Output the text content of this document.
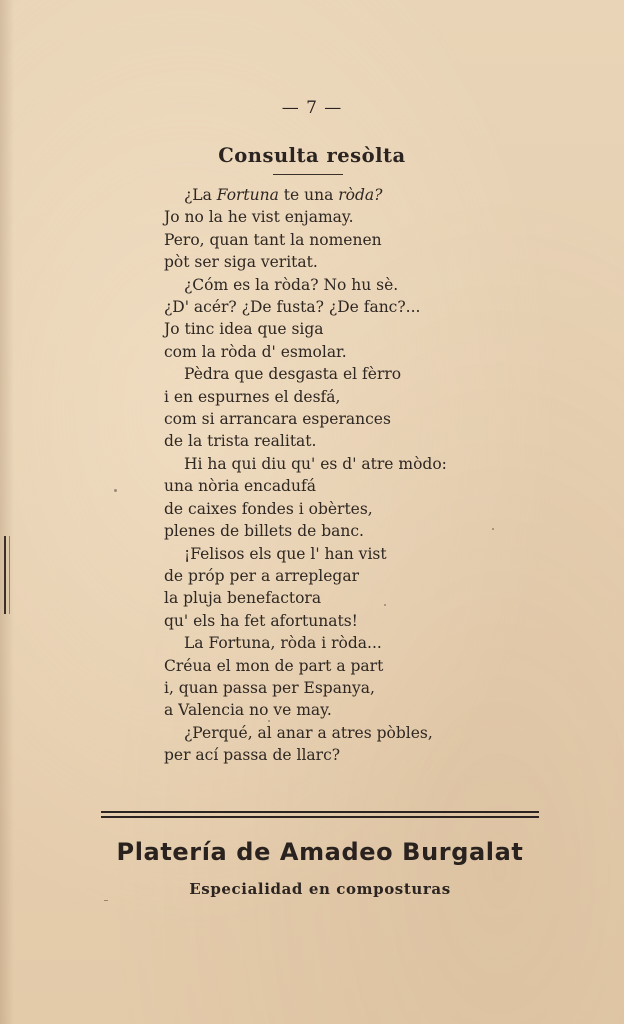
— 7 —
Consulta resòlta
¿La Fortuna te una ròda?
Jo no la he vist enjamay.
Pero, quan tant la nomenen
pòt ser siga veritat.
¿Cóm es la ròda? No hu sè.
¿D' acér? ¿De fusta? ¿De fanc?...
Jo tinc idea que siga
com la ròda d' esmolar.
Pèdra que desgasta el fèrro
i en espurnes el desfá,
com si arrancara esperances
de la trista realitat.
Hi ha qui diu qu' es d' atre mòdo:
una nòria encadufá
de caixes fondes i obèrtes,
plenes de billets de banc.
¡Felisos els que l' han vist
de próp per a arreplegar
la pluja benefactora
qu' els ha fet afortunats!
La Fortuna, ròda i ròda...
Créua el mon de part a part
i, quan passa per Espanya,
a Valencia no ve may.
¿Perqué, al anar a atres pòbles,
per ací passa de llarc?
Platería de Amadeo Burgalat
Especialidad en composturas
